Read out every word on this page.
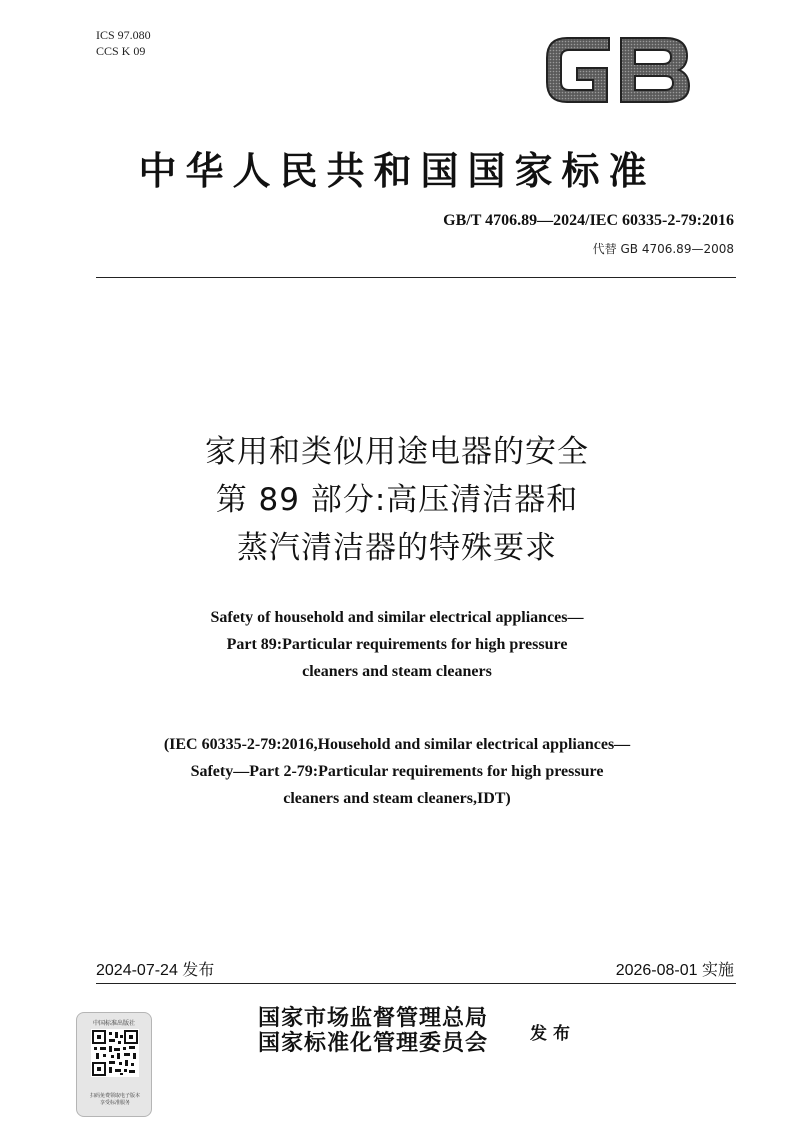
ICS 97.080
CCS K 09
中华人民共和国国家标准
GB/T 4706.89—2024/IEC 60335-2-79:2016
代替 GB 4706.89—2008
家用和类似用途电器的安全
第 89 部分:高压清洁器和
蒸汽清洁器的特殊要求
Safety of household and similar electrical appliances—
Part 89:Particular requirements for high pressure
cleaners and steam cleaners
(IEC 60335-2-79:2016,Household and similar electrical appliances—
Safety—Part 2-79:Particular requirements for high pressure
cleaners and steam cleaners,IDT)
2024-07-24 发布	2026-08-01 实施
中国标准出版社
扫码免费领取电子版本
享受标准服务
国家市场监督管理总局
国家标准化管理委员会 发布
